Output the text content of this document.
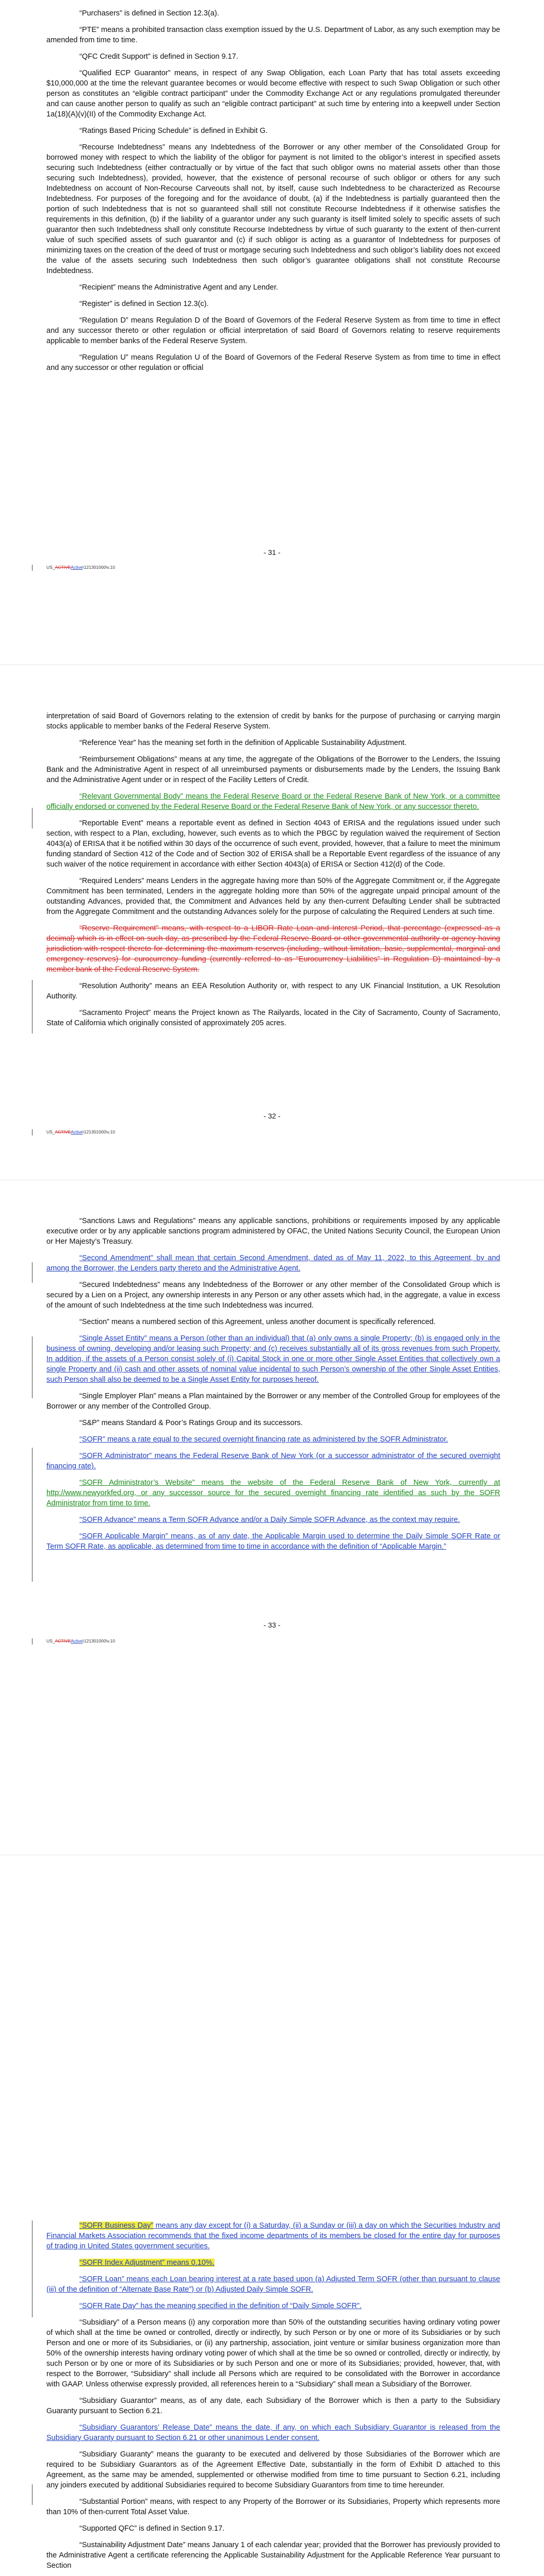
“Purchasers” is defined in Section 12.3(a).

“PTE” means a prohibited transaction class exemption issued by the U.S. Department of Labor, as any such exemption may be amended from time to time.

“QFC Credit Support” is defined in Section 9.17.

“Qualified ECP Guarantor” means, in respect of any Swap Obligation, each Loan Party that has total assets exceeding $10,000,000 at the time the relevant guarantee becomes or would become effective with respect to such Swap Obligation or such other person as constitutes an “eligible contract participant” under the Commodity Exchange Act or any regulations promulgated thereunder and can cause another person to qualify as such an “eligible contract participant” at such time by entering into a keepwell under Section 1a(18)(A)(v)(II) of the Commodity Exchange Act.

“Ratings Based Pricing Schedule” is defined in Exhibit G.

“Recourse Indebtedness” means any Indebtedness of the Borrower or any other member of the Consolidated Group for borrowed money with respect to which the liability of the obligor for payment is not limited to the obligor’s interest in specified assets securing such Indebtedness (either contractually or by virtue of the fact that such obligor owns no material assets other than those securing such Indebtedness), provided, however, that the existence of personal recourse of such obligor or others for any such Indebtedness on account of Non-Recourse Carveouts shall not, by itself, cause such Indebtedness to be characterized as Recourse Indebtedness. For purposes of the foregoing and for the avoidance of doubt, (a) if the Indebtedness is partially guaranteed then the portion of such Indebtedness that is not so guaranteed shall still not constitute Recourse Indebtedness if it otherwise satisfies the requirements in this definition, (b) if the liability of a guarantor under any such guaranty is itself limited solely to specific assets of such guarantor then such Indebtedness shall only constitute Recourse Indebtedness by virtue of such guaranty to the extent of then-current value of such specified assets of such guarantor and (c) if such obligor is acting as a guarantor of Indebtedness for purposes of minimizing taxes on the creation of the deed of trust or mortgage securing such Indebtedness and such obligor’s liability does not exceed the value of the assets securing such Indebtedness then such obligor’s guarantee obligations shall not constitute Recourse Indebtedness.

“Recipient” means the Administrative Agent and any Lender.

“Register” is defined in Section 12.3(c).

“Regulation D” means Regulation D of the Board of Governors of the Federal Reserve System as from time to time in effect and any successor thereto or other regulation or official interpretation of said Board of Governors relating to reserve requirements applicable to member banks of the Federal Reserve System.

“Regulation U” means Regulation U of the Board of Governors of the Federal Reserve System as from time to time in effect and any successor or other regulation or official

- 31 -
US_ACTIVEActive\121301000\v.10

interpretation of said Board of Governors relating to the extension of credit by banks for the purpose of purchasing or carrying margin stocks applicable to member banks of the Federal Reserve System.

“Reference Year” has the meaning set forth in the definition of Applicable Sustainability Adjustment.

“Reimbursement Obligations” means at any time, the aggregate of the Obligations of the Borrower to the Lenders, the Issuing Bank and the Administrative Agent in respect of all unreimbursed payments or disbursements made by the Lenders, the Issuing Bank and the Administrative Agent under or in respect of the Facility Letters of Credit.

“Relevant Governmental Body” means the Federal Reserve Board or the Federal Reserve Bank of New York, or a committee officially endorsed or convened by the Federal Reserve Board or the Federal Reserve Bank of New York, or any successor thereto.

“Reportable Event” means a reportable event as defined in Section 4043 of ERISA and the regulations issued under such section, with respect to a Plan, excluding, however, such events as to which the PBGC by regulation waived the requirement of Section 4043(a) of ERISA that it be notified within 30 days of the occurrence of such event, provided, however, that a failure to meet the minimum funding standard of Section 412 of the Code and of Section 302 of ERISA shall be a Reportable Event regardless of the issuance of any such waiver of the notice requirement in accordance with either Section 4043(a) of ERISA or Section 412(d) of the Code.

“Required Lenders” means Lenders in the aggregate having more than 50% of the Aggregate Commitment or, if the Aggregate Commitment has been terminated, Lenders in the aggregate holding more than 50% of the aggregate unpaid principal amount of the outstanding Advances, provided that, the Commitment and Advances held by any then-current Defaulting Lender shall be subtracted from the Aggregate Commitment and the outstanding Advances solely for the purpose of calculating the Required Lenders at such time.

“Reserve Requirement” means, with respect to a LIBOR Rate Loan and Interest Period, that percentage (expressed as a decimal) which is in effect on such day, as prescribed by the Federal Reserve Board or other governmental authority or agency having jurisdiction with respect thereto for determining the maximum reserves (including, without limitation, basic, supplemental, marginal and emergency reserves) for eurocurrency funding (currently referred to as “Eurocurrency Liabilities” in Regulation D) maintained by a member bank of the Federal Reserve System.

“Resolution Authority” means an EEA Resolution Authority or, with respect to any UK Financial Institution, a UK Resolution Authority.

“Sacramento Project” means the Project known as The Railyards, located in the City of Sacramento, County of Sacramento, State of California which originally consisted of approximately 205 acres.

- 32 -
US_ACTIVEActive\121301000\v.10

“Sanctions Laws and Regulations” means any applicable sanctions, prohibitions or requirements imposed by any applicable executive order or by any applicable sanctions program administered by OFAC, the United Nations Security Council, the European Union or Her Majesty’s Treasury.

“Second Amendment” shall mean that certain Second Amendment, dated as of May 11, 2022, to this Agreement, by and among the Borrower, the Lenders party thereto and the Administrative Agent.

“Secured Indebtedness” means any Indebtedness of the Borrower or any other member of the Consolidated Group which is secured by a Lien on a Project, any ownership interests in any Person or any other assets which had, in the aggregate, a value in excess of the amount of such Indebtedness at the time such Indebtedness was incurred.

“Section” means a numbered section of this Agreement, unless another document is specifically referenced.

“Single Asset Entity” means a Person (other than an individual) that (a) only owns a single Property; (b) is engaged only in the business of owning, developing and/or leasing such Property; and (c) receives substantially all of its gross revenues from such Property. In addition, if the assets of a Person consist solely of (i) Capital Stock in one or more other Single Asset Entities that collectively own a single Property and (ii) cash and other assets of nominal value incidental to such Person’s ownership of the other Single Asset Entities, such Person shall also be deemed to be a Single Asset Entity for purposes hereof.

“Single Employer Plan” means a Plan maintained by the Borrower or any member of the Controlled Group for employees of the Borrower or any member of the Controlled Group.

“S&P” means Standard & Poor’s Ratings Group and its successors.

“SOFR” means a rate equal to the secured overnight financing rate as administered by the SOFR Administrator.

“SOFR Administrator” means the Federal Reserve Bank of New York (or a successor administrator of the secured overnight financing rate).

“SOFR Administrator’s Website” means the website of the Federal Reserve Bank of New York, currently at http://www.newyorkfed.org, or any successor source for the secured overnight financing rate identified as such by the SOFR Administrator from time to time.

“SOFR Advance” means a Term SOFR Advance and/or a Daily Simple SOFR Advance, as the context may require.

“SOFR Applicable Margin” means, as of any date, the Applicable Margin used to determine the Daily Simple SOFR Rate or Term SOFR Rate, as applicable, as determined from time to time in accordance with the definition of “Applicable Margin.”

- 33 -
US_ACTIVEActive\121301000\v.10

“SOFR Business Day” means any day except for (i) a Saturday, (ii) a Sunday or (iii) a day on which the Securities Industry and Financial Markets Association recommends that the fixed income departments of its members be closed for the entire day for purposes of trading in United States government securities.

“SOFR Index Adjustment” means 0.10%.

“SOFR Loan” means each Loan bearing interest at a rate based upon (a) Adjusted Term SOFR (other than pursuant to clause (iii) of the definition of “Alternate Base Rate”) or (b) Adjusted Daily Simple SOFR.

“SOFR Rate Day” has the meaning specified in the definition of “Daily Simple SOFR”.

“Subsidiary” of a Person means (i) any corporation more than 50% of the outstanding securities having ordinary voting power of which shall at the time be owned or controlled, directly or indirectly, by such Person or by one or more of its Subsidiaries or by such Person and one or more of its Subsidiaries, or (ii) any partnership, association, joint venture or similar business organization more than 50% of the ownership interests having ordinary voting power of which shall at the time be so owned or controlled, directly or indirectly, by such Person or by one or more of its Subsidiaries or by such Person and one or more of its Subsidiaries; provided, however, that, with respect to the Borrower, “Subsidiary” shall include all Persons which are required to be consolidated with the Borrower in accordance with GAAP. Unless otherwise expressly provided, all references herein to a “Subsidiary” shall mean a Subsidiary of the Borrower.

“Subsidiary Guarantor” means, as of any date, each Subsidiary of the Borrower which is then a party to the Subsidiary Guaranty pursuant to Section 6.21.

“Subsidiary Guarantors’ Release Date” means the date, if any, on which each Subsidiary Guarantor is released from the Subsidiary Guaranty pursuant to Section 6.21 or other unanimous Lender consent.

“Subsidiary Guaranty” means the guaranty to be executed and delivered by those Subsidiaries of the Borrower which are required to be Subsidiary Guarantors as of the Agreement Effective Date, substantially in the form of Exhibit D attached to this Agreement, as the same may be amended, supplemented or otherwise modified from time to time pursuant to Section 6.21, including any joinders executed by additional Subsidiaries required to become Subsidiary Guarantors from time to time hereunder.

“Substantial Portion” means, with respect to any Property of the Borrower or its Subsidiaries, Property which represents more than 10% of then-current Total Asset Value.

“Supported QFC” is defined in Section 9.17.

“Sustainability Adjustment Date” means January 1 of each calendar year; provided that the Borrower has previously provided to the Administrative Agent a certificate referencing the Applicable Sustainability Adjustment for the Applicable Reference Year pursuant to Section
